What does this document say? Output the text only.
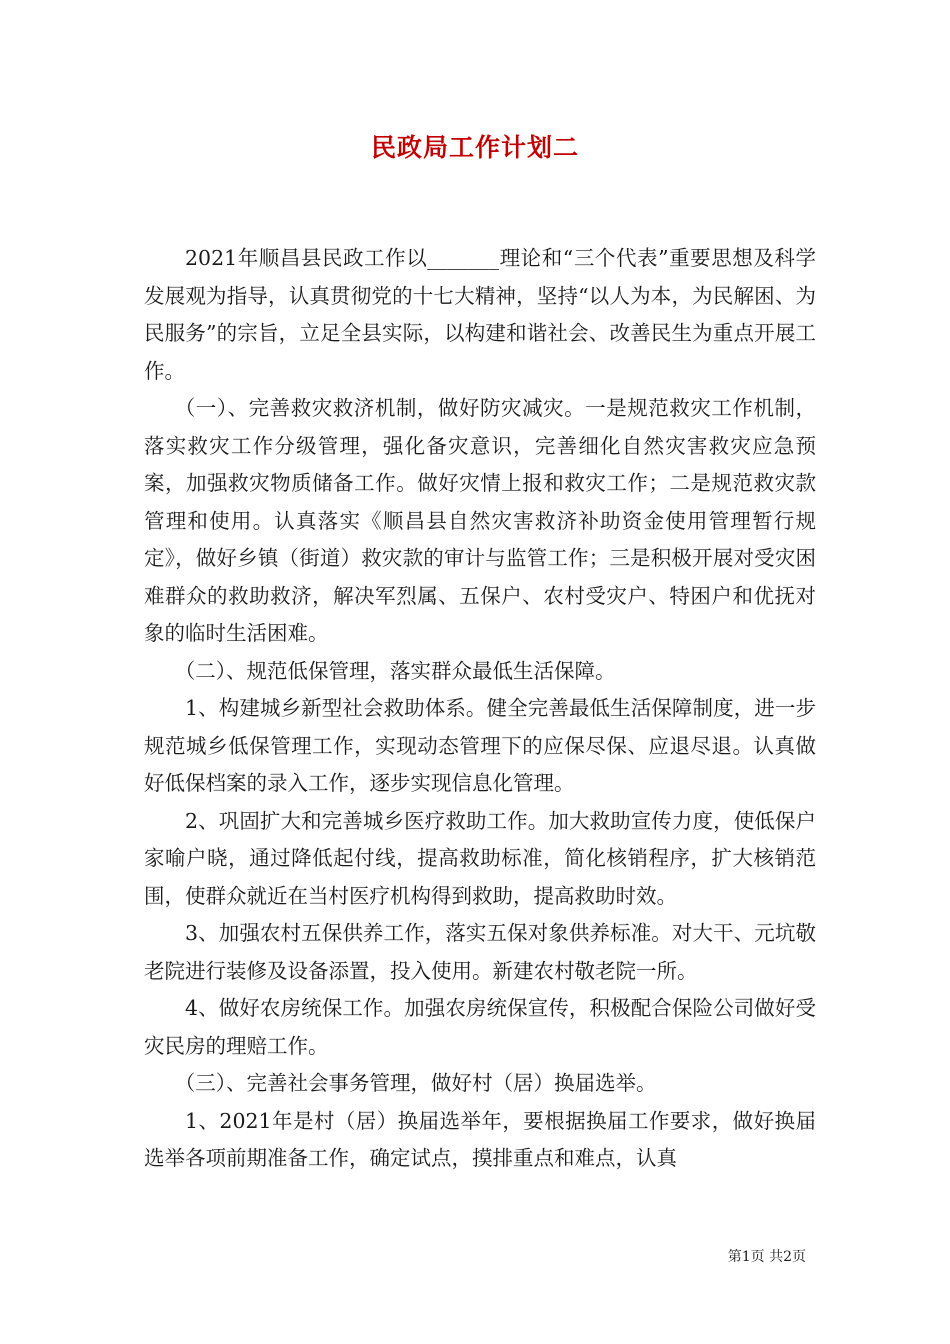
民政局工作计划二

2021年顺昌县民政工作以_______理论和“三个代表”重要思想及科学发展观为指导，认真贯彻党的十七大精神，坚持“以人为本，为民解困、为民服务”的宗旨，立足全县实际，以构建和谐社会、改善民生为重点开展工作。

（一）、完善救灾救济机制，做好防灾减灾。一是规范救灾工作机制，落实救灾工作分级管理，强化备灾意识，完善细化自然灾害救灾应急预案，加强救灾物质储备工作。做好灾情上报和救灾工作；二是规范救灾款管理和使用。认真落实《顺昌县自然灾害救济补助资金使用管理暂行规定》，做好乡镇（街道）救灾款的审计与监管工作；三是积极开展对受灾困难群众的救助救济，解决军烈属、五保户、农村受灾户、特困户和优抚对象的临时生活困难。

（二）、规范低保管理，落实群众最低生活保障。

1、构建城乡新型社会救助体系。健全完善最低生活保障制度，进一步规范城乡低保管理工作，实现动态管理下的应保尽保、应退尽退。认真做好低保档案的录入工作，逐步实现信息化管理。

2、巩固扩大和完善城乡医疗救助工作。加大救助宣传力度，使低保户家喻户晓，通过降低起付线，提高救助标准，简化核销程序，扩大核销范围，使群众就近在当村医疗机构得到救助，提高救助时效。

3、加强农村五保供养工作，落实五保对象供养标准。对大干、元坑敬老院进行装修及设备添置，投入使用。新建农村敬老院一所。

4、做好农房统保工作。加强农房统保宣传，积极配合保险公司做好受灾民房的理赔工作。

（三）、完善社会事务管理，做好村（居）换届选举。

1、2021年是村（居）换届选举年，要根据换届工作要求，做好换届选举各项前期准备工作，确定试点，摸排重点和难点，认真

第1页 共2页
